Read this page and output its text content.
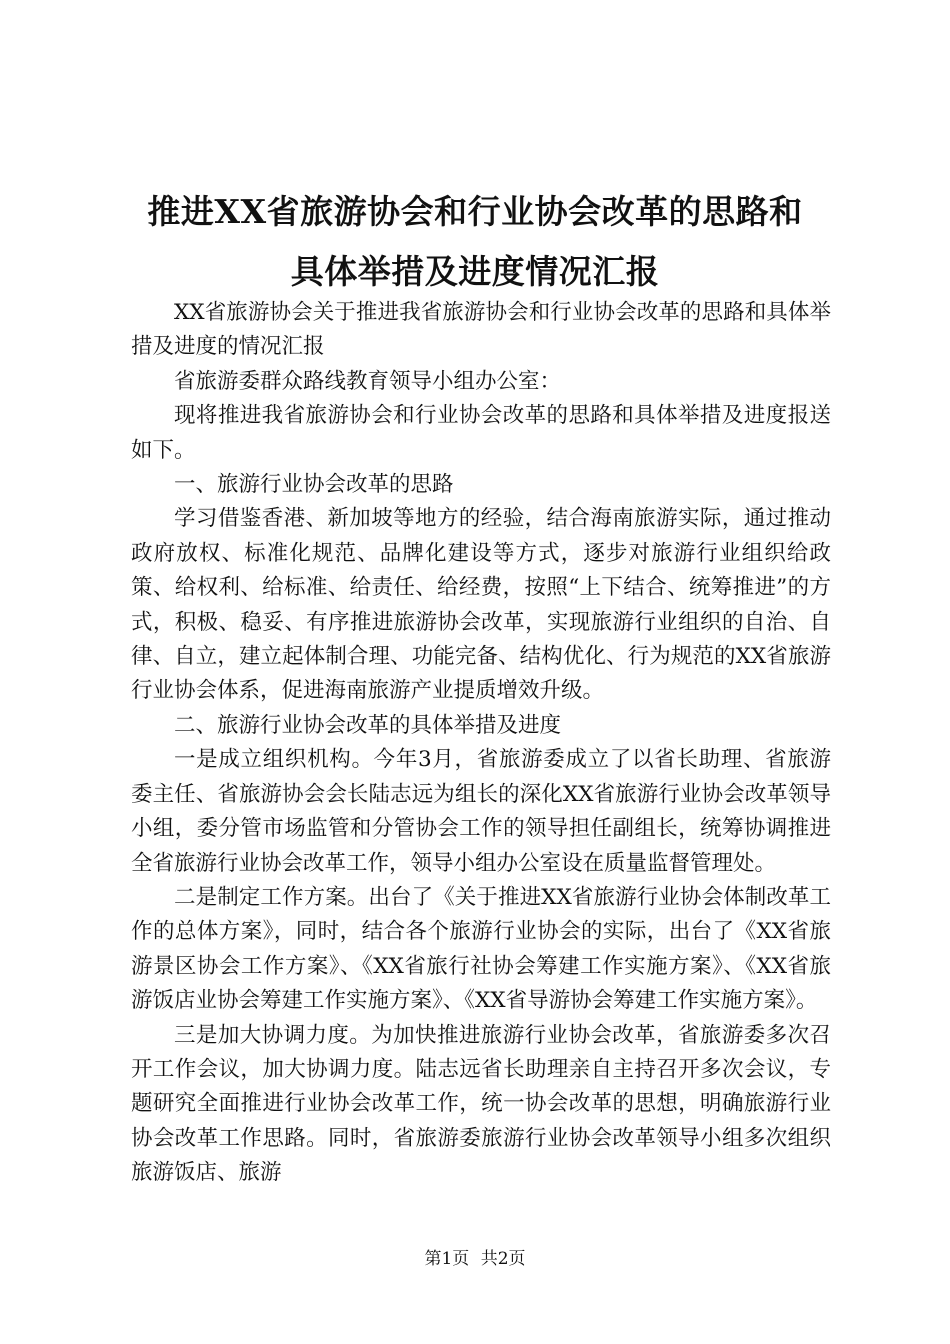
推进XX省旅游协会和行业协会改革的思路和
具体举措及进度情况汇报

XX省旅游协会关于推进我省旅游协会和行业协会改革的思路和具体举措及进度的情况汇报

省旅游委群众路线教育领导小组办公室：

现将推进我省旅游协会和行业协会改革的思路和具体举措及进度报送如下。

一、旅游行业协会改革的思路

学习借鉴香港、新加坡等地方的经验，结合海南旅游实际，通过推动政府放权、标准化规范、品牌化建设等方式，逐步对旅游行业组织给政策、给权利、给标准、给责任、给经费，按照“上下结合、统筹推进”的方式，积极、稳妥、有序推进旅游协会改革，实现旅游行业组织的自治、自律、自立，建立起体制合理、功能完备、结构优化、行为规范的XX省旅游行业协会体系，促进海南旅游产业提质增效升级。

二、旅游行业协会改革的具体举措及进度

一是成立组织机构。今年3月，省旅游委成立了以省长助理、省旅游委主任、省旅游协会会长陆志远为组长的深化XX省旅游行业协会改革领导小组，委分管市场监管和分管协会工作的领导担任副组长，统筹协调推进全省旅游行业协会改革工作，领导小组办公室设在质量监督管理处。

二是制定工作方案。出台了《关于推进XX省旅游行业协会体制改革工作的总体方案》，同时，结合各个旅游行业协会的实际，出台了《XX省旅游景区协会工作方案》、《XX省旅行社协会筹建工作实施方案》、《XX省旅游饭店业协会筹建工作实施方案》、《XX省导游协会筹建工作实施方案》。

三是加大协调力度。为加快推进旅游行业协会改革，省旅游委多次召开工作会议，加大协调力度。陆志远省长助理亲自主持召开多次会议，专题研究全面推进行业协会改革工作，统一协会改革的思想，明确旅游行业协会改革工作思路。同时，省旅游委旅游行业协会改革领导小组多次组织旅游饭店、旅游

第1页 共2页
